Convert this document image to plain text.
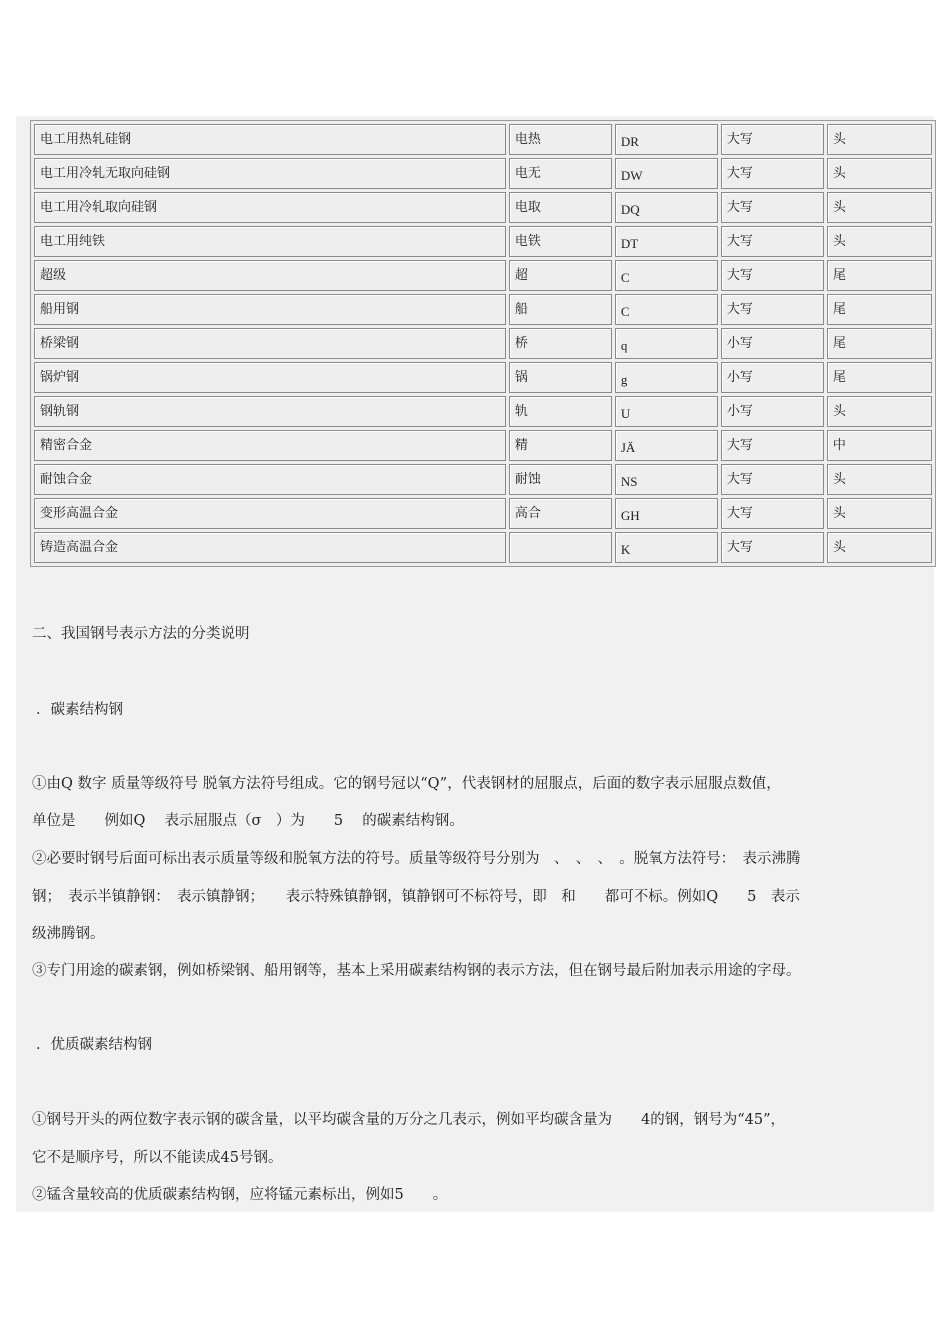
电工用热轧硅钢	电热	DR	大写	头
电工用冷轧无取向硅钢	电无	DW	大写	头
电工用冷轧取向硅钢	电取	DQ	大写	头
电工用纯铁	电铁	DT	大写	头
超级	超	C	大写	尾
船用钢	船	C	大写	尾
桥梁钢	桥	q	小写	尾
锅炉钢	锅	g	小写	尾
钢轨钢	轨	U	小写	头
精密合金	精	JÄ	大写	中
耐蚀合金	耐蚀	NS	大写	头
变形高温合金	高合	GH	大写	头
铸造高温合金		K	大写	头
二、我国钢号表示方法的分类说明
．碳素结构钢
①由Q 数字 质量等级符号 脱氧方法符号组成。它的钢号冠以“Q”，代表钢材的屈服点，后面的数字表示屈服点数值，
单位是　　例如Q　 表示屈服点（σ　）为　　5　 的碳素结构钢。
②必要时钢号后面可标出表示质量等级和脱氧方法的符号。质量等级符号分别为　、　、　、　。脱氧方法符号：　表示沸腾
钢；　表示半镇静钢：　表示镇静钢；　　表示特殊镇静钢，镇静钢可不标符号，即　和　　都可不标。例如Q　　5　表示
级沸腾钢。
③专门用途的碳素钢，例如桥梁钢、船用钢等，基本上采用碳素结构钢的表示方法，但在钢号最后附加表示用途的字母。
．优质碳素结构钢
①钢号开头的两位数字表示钢的碳含量，以平均碳含量的万分之几表示，例如平均碳含量为　　4的钢，钢号为“45”，
它不是顺序号，所以不能读成45号钢。
②锰含量较高的优质碳素结构钢，应将锰元素标出，例如5　　。
